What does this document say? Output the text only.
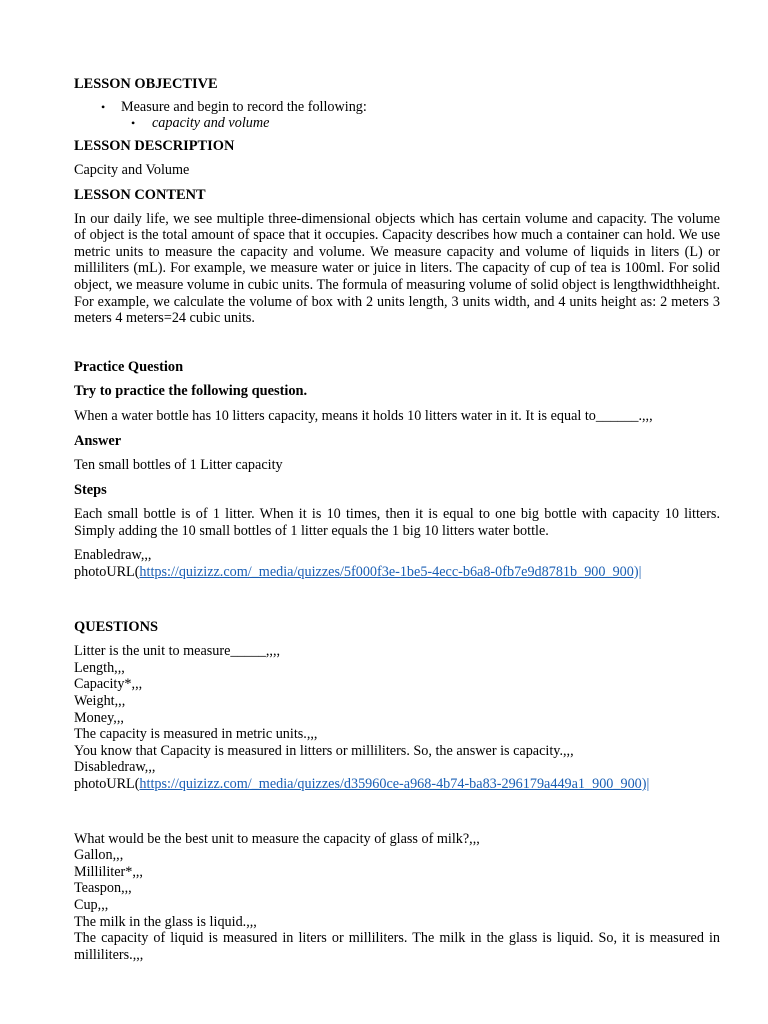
LESSON OBJECTIVE
• Measure and begin to record the following:
• capacity and volume
LESSON DESCRIPTION
Capcity and Volume
LESSON CONTENT
In our daily life, we see multiple three-dimensional objects which has certain volume and capacity. The volume of object is the total amount of space that it occupies. Capacity describes how much a container can hold. We use metric units to measure the capacity and volume. We measure capacity and volume of liquids in liters (L) or milliliters (mL). For example, we measure water or juice in liters. The capacity of cup of tea is 100ml. For solid object, we measure volume in cubic units. The formula of measuring volume of solid object is lengthwidthheight. For example, we calculate the volume of box with 2 units length, 3 units width, and 4 units height as: 2 meters 3 meters 4 meters=24 cubic units.
Practice Question
Try to practice the following question.
When a water bottle has 10 litters capacity, means it holds 10 litters water in it. It is equal to______.,,,
Answer
Ten small bottles of 1 Litter capacity
Steps
Each small bottle is of 1 litter. When it is 10 times, then it is equal to one big bottle with capacity 10 litters. Simply adding the 10 small bottles of 1 litter equals the 1 big 10 litters water bottle.
Enabledraw,,,
photoURL(https://quizizz.com/_media/quizzes/5f000f3e-1be5-4ecc-b6a8-0fb7e9d8781b_900_900)|
QUESTIONS
Litter is the unit to measure_____,,,,
Length,,,
Capacity*,,,
Weight,,,
Money,,,
The capacity is measured in metric units.,,,
You know that Capacity is measured in litters or milliliters. So, the answer is capacity.,,,
Disabledraw,,,
photoURL(https://quizizz.com/_media/quizzes/d35960ce-a968-4b74-ba83-296179a449a1_900_900)|
What would be the best unit to measure the capacity of glass of milk?,,,
Gallon,,,
Milliliter*,,,
Teaspon,,,
Cup,,,
The milk in the glass is liquid.,,,
The capacity of liquid is measured in liters or milliliters. The milk in the glass is liquid. So, it is measured in milliliters.,,,
